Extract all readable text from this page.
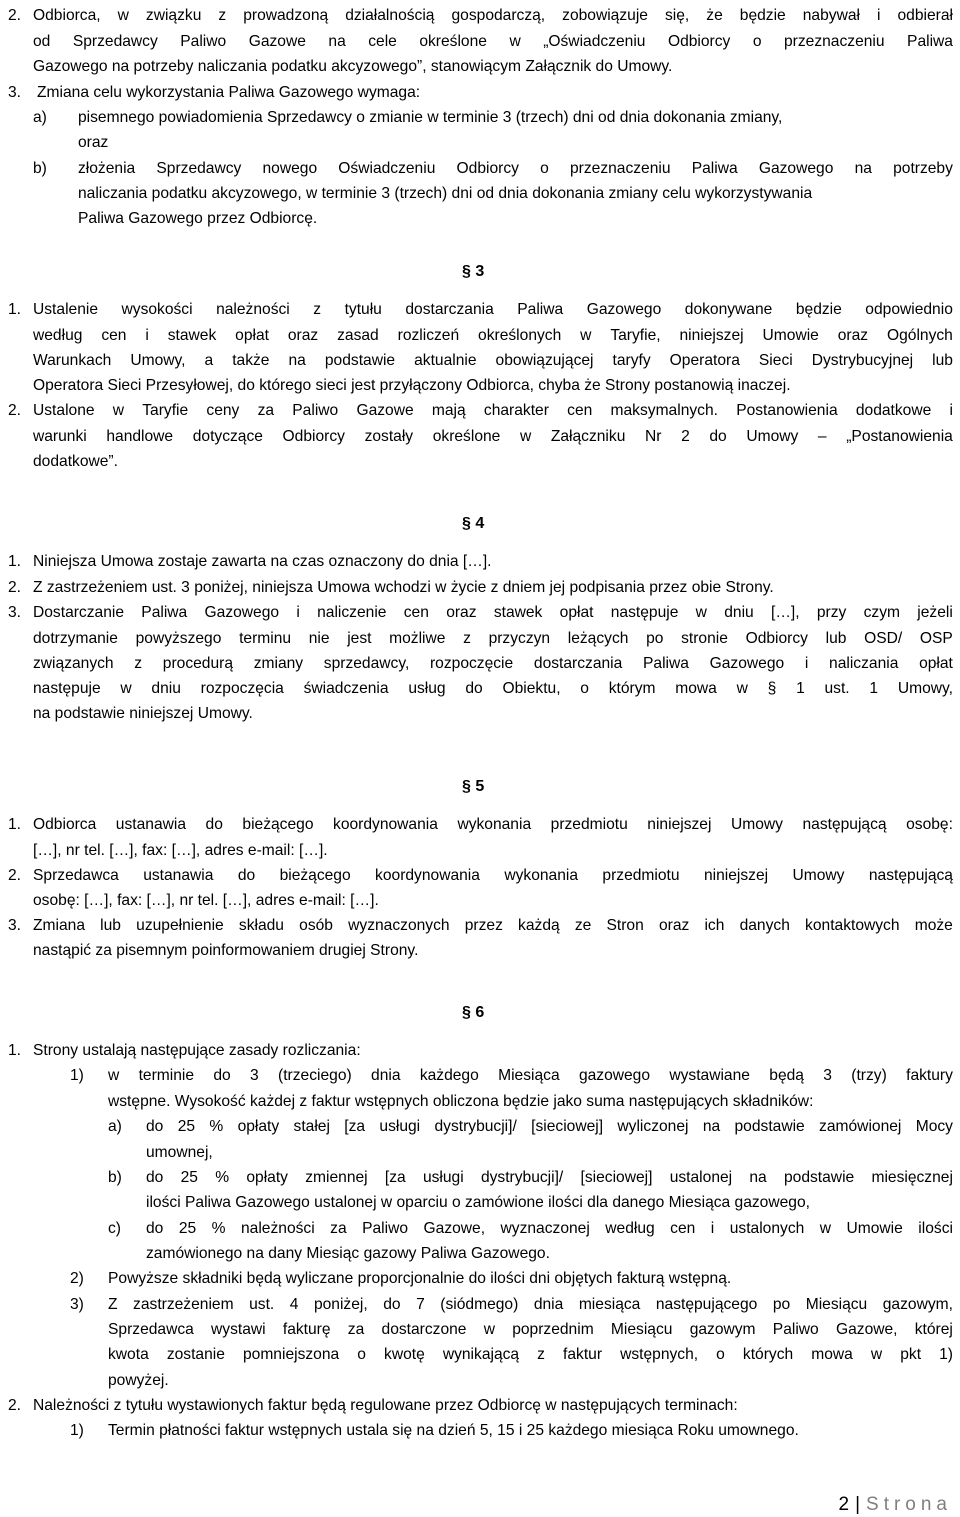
2. Odbiorca, w związku z prowadzoną działalnością gospodarczą, zobowiązuje się, że będzie nabywał i odbierał
od Sprzedawcy Paliwo Gazowe na cele określone w „Oświadczeniu Odbiorcy o przeznaczeniu Paliwa
Gazowego na potrzeby naliczania podatku akcyzowego”, stanowiącym Załącznik do Umowy.
3. Zmiana celu wykorzystania Paliwa Gazowego wymaga:
a) pisemnego powiadomienia Sprzedawcy o zmianie w terminie 3 (trzech) dni od dnia dokonania zmiany,
oraz
b) złożenia Sprzedawcy nowego Oświadczeniu Odbiorcy o przeznaczeniu Paliwa Gazowego na potrzeby
naliczania podatku akcyzowego, w terminie 3 (trzech) dni od dnia dokonania zmiany celu wykorzystywania
Paliwa Gazowego przez Odbiorcę.
§ 3
1. Ustalenie wysokości należności z tytułu dostarczania Paliwa Gazowego dokonywane będzie odpowiednio
według cen i stawek opłat oraz zasad rozliczeń określonych w Taryfie, niniejszej Umowie oraz Ogólnych
Warunkach Umowy, a także na podstawie aktualnie obowiązującej taryfy Operatora Sieci Dystrybucyjnej lub
Operatora Sieci Przesyłowej, do którego sieci jest przyłączony Odbiorca, chyba że Strony postanowią inaczej.
2. Ustalone w Taryfie ceny za Paliwo Gazowe mają charakter cen maksymalnych. Postanowienia dodatkowe i
warunki handlowe dotyczące Odbiorcy zostały określone w Załączniku Nr 2 do Umowy – „Postanowienia
dodatkowe”.
§ 4
1. Niniejsza Umowa zostaje zawarta na czas oznaczony do dnia […].
2. Z zastrzeżeniem ust. 3 poniżej, niniejsza Umowa wchodzi w życie z dniem jej podpisania przez obie Strony.
3. Dostarczanie Paliwa Gazowego i naliczenie cen oraz stawek opłat następuje w dniu […], przy czym jeżeli
dotrzymanie powyższego terminu nie jest możliwe z przyczyn leżących po stronie Odbiorcy lub OSD/ OSP
związanych z procedurą zmiany sprzedawcy, rozpoczęcie dostarczania Paliwa Gazowego i naliczania opłat
następuje w dniu rozpoczęcia świadczenia usług do Obiektu, o którym mowa w § 1 ust. 1 Umowy,
na podstawie niniejszej Umowy.
§ 5
1. Odbiorca ustanawia do bieżącego koordynowania wykonania przedmiotu niniejszej Umowy następującą osobę:
[…], nr tel. […], fax: […], adres e-mail: […].
2. Sprzedawca ustanawia do bieżącego koordynowania wykonania przedmiotu niniejszej Umowy następującą
osobę: […], fax: […], nr tel. […], adres e-mail: […].
3. Zmiana lub uzupełnienie składu osób wyznaczonych przez każdą ze Stron oraz ich danych kontaktowych może
nastąpić za pisemnym poinformowaniem drugiej Strony.
§ 6
1. Strony ustalają następujące zasady rozliczania:
1) w terminie do 3 (trzeciego) dnia każdego Miesiąca gazowego wystawiane będą 3 (trzy) faktury
wstępne. Wysokość każdej z faktur wstępnych obliczona będzie jako suma następujących składników:
a) do 25 % opłaty stałej [za usługi dystrybucji]/ [sieciowej] wyliczonej na podstawie zamówionej Mocy
umownej,
b) do 25 % opłaty zmiennej [za usługi dystrybucji]/ [sieciowej] ustalonej na podstawie miesięcznej
ilości Paliwa Gazowego ustalonej w oparciu o zamówione ilości dla danego Miesiąca gazowego,
c) do 25 % należności za Paliwo Gazowe, wyznaczonej według cen i ustalonych w Umowie ilości
zamówionego na dany Miesiąc gazowy Paliwa Gazowego.
2) Powyższe składniki będą wyliczane proporcjonalnie do ilości dni objętych fakturą wstępną.
3) Z zastrzeżeniem ust. 4 poniżej, do 7 (siódmego) dnia miesiąca następującego po Miesiącu gazowym,
Sprzedawca wystawi fakturę za dostarczone w poprzednim Miesiącu gazowym Paliwo Gazowe, której
kwota zostanie pomniejszona o kwotę wynikającą z faktur wstępnych, o których mowa w pkt 1)
powyżej.
2. Należności z tytułu wystawionych faktur będą regulowane przez Odbiorcę w następujących terminach:
1) Termin płatności faktur wstępnych ustala się na dzień 5, 15 i 25 każdego miesiąca Roku umownego.
2 | Strona
